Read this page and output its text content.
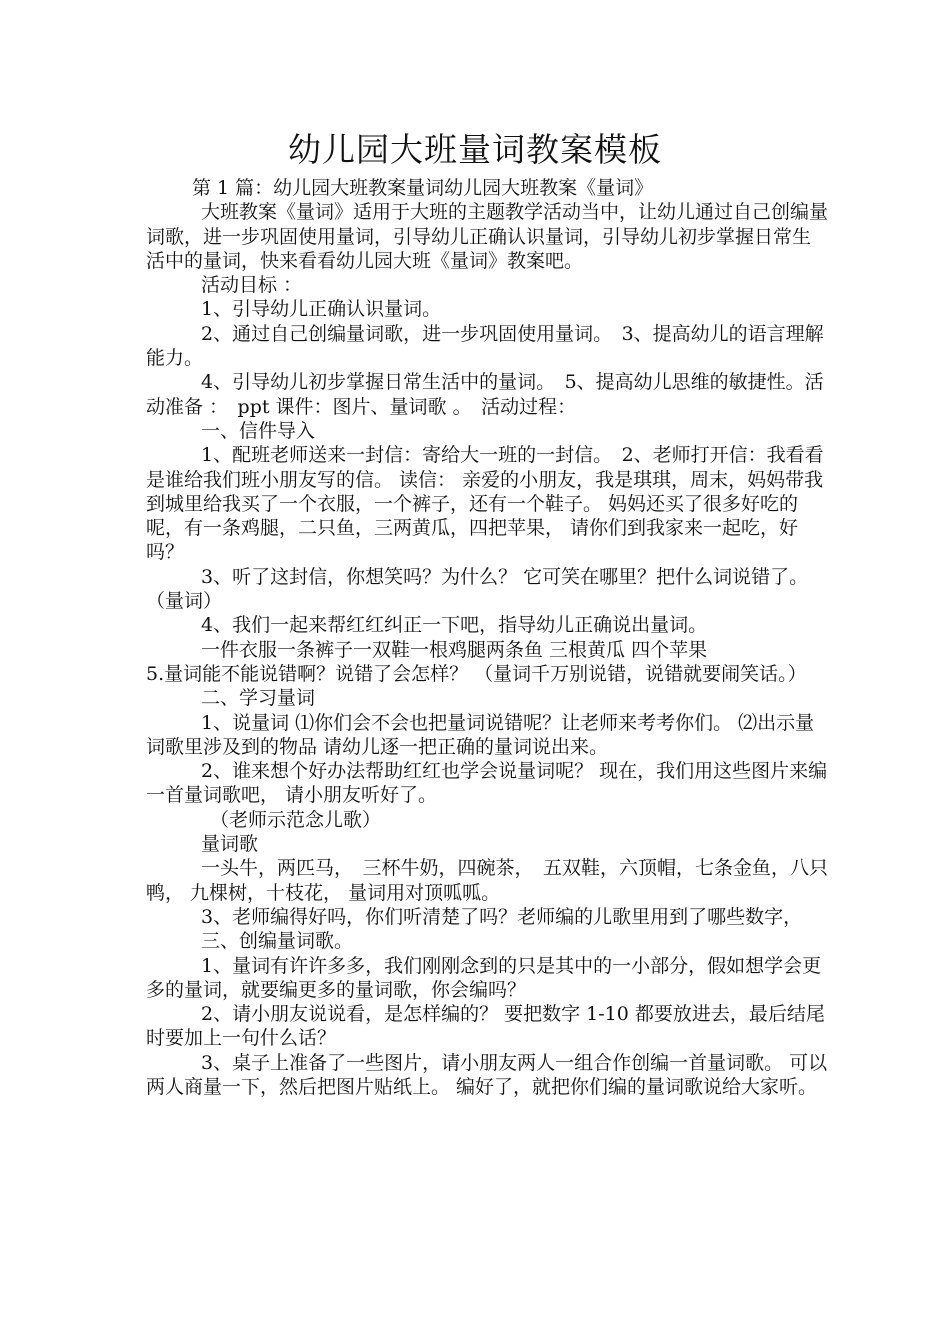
幼儿园大班量词教案模板

第 1 篇：幼儿园大班教案量词幼儿园大班教案《量词》

大班教案《量词》适用于大班的主题教学活动当中，让幼儿通过自己创编量词歌，进一步巩固使用量词，引导幼儿正确认识量词，引导幼儿初步掌握日常生活中的量词，快来看看幼儿园大班《量词》教案吧。

活动目标 ：

1、引导幼儿正确认识量词。

2、通过自己创编量词歌，进一步巩固使用量词。　3、提高幼儿的语言理解能力。

4、引导幼儿初步掌握日常生活中的量词。　5、提高幼儿思维的敏捷性。活动准备 ：　ppt 课件：图片、量词歌 。　活动过程：

一、信件导入

1、配班老师送来一封信：寄给大一班的一封信。　2、老师打开信：我看看是谁给我们班小朋友写的信。 读信： 亲爱的小朋友，我是琪琪，周末，妈妈带我到城里给我买了一个衣服，一个裤子，还有一个鞋子。 妈妈还买了很多好吃的呢，有一条鸡腿，二只鱼，三两黄瓜，四把苹果， 请你们到我家来一起吃，好吗？

3、听了这封信，你想笑吗？为什么？ 它可笑在哪里？把什么词说错了。（量词）

4、我们一起来帮红红纠正一下吧，指导幼儿正确说出量词。

一件衣服一条裤子一双鞋一根鸡腿两条鱼 三根黄瓜 四个苹果

5.量词能不能说错啊？说错了会怎样？ （量词千万别说错，说错就要闹笑话。）

二、学习量词

1、说量词 ⑴你们会不会也把量词说错呢？让老师来考考你们。 ⑵出示量词歌里涉及到的物品 请幼儿逐一把正确的量词说出来。

2、谁来想个好办法帮助红红也学会说量词呢？ 现在，我们用这些图片来编一首量词歌吧， 请小朋友听好了。

（老师示范念儿歌）

量词歌

一头牛，两匹马，　三杯牛奶，四碗茶，　五双鞋，六顶帽，七条金鱼，八只鸭， 九棵树，十枝花， 量词用对顶呱呱。

3、老师编得好吗，你们听清楚了吗？老师编的儿歌里用到了哪些数字，

三、创编量词歌。

1、量词有许许多多，我们刚刚念到的只是其中的一小部分，假如想学会更多的量词，就要编更多的量词歌，你会编吗？

2、请小朋友说说看，是怎样编的？ 要把数字 1-10 都要放进去，最后结尾时要加上一句什么话？

3、桌子上准备了一些图片，请小朋友两人一组合作创编一首量词歌。 可以两人商量一下，然后把图片贴纸上。 编好了，就把你们编的量词歌说给大家听。
